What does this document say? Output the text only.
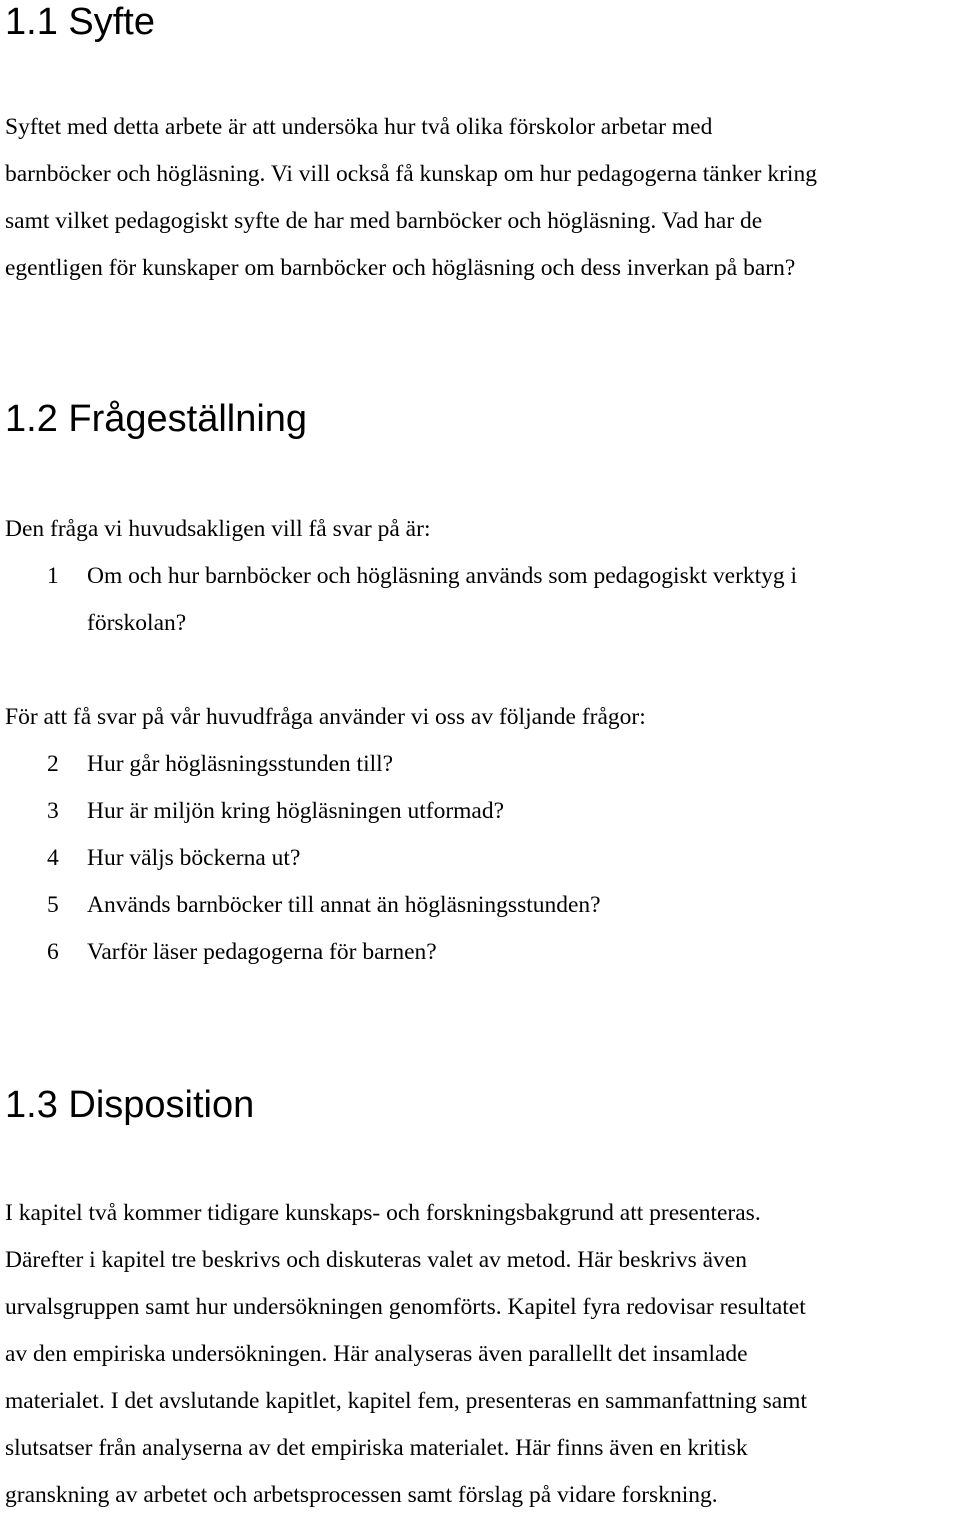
1.1 Syfte

Syftet med detta arbete är att undersöka hur två olika förskolor arbetar med
barnböcker och högläsning. Vi vill också få kunskap om hur pedagogerna tänker kring
samt vilket pedagogiskt syfte de har med barnböcker och högläsning. Vad har de
egentligen för kunskaper om barnböcker och högläsning och dess inverkan på barn?

1.2 Frågeställning

Den fråga vi huvudsakligen vill få svar på är:

1 Om och hur barnböcker och högläsning används som pedagogiskt verktyg i
förskolan?

För att få svar på vår huvudfråga använder vi oss av följande frågor:

2 Hur går högläsningsstunden till?
3 Hur är miljön kring högläsningen utformad?
4 Hur väljs böckerna ut?
5 Används barnböcker till annat än högläsningsstunden?
6 Varför läser pedagogerna för barnen?
1.3 Disposition

I kapitel två kommer tidigare kunskaps- och forskningsbakgrund att presenteras.
Därefter i kapitel tre beskrivs och diskuteras valet av metod. Här beskrivs även
urvalsgruppen samt hur undersökningen genomförts. Kapitel fyra redovisar resultatet
av den empiriska undersökningen. Här analyseras även parallellt det insamlade
materialet. I det avslutande kapitlet, kapitel fem, presenteras en sammanfattning samt
slutsatser från analyserna av det empiriska materialet. Här finns även en kritisk
granskning av arbetet och arbetsprocessen samt förslag på vidare forskning.
